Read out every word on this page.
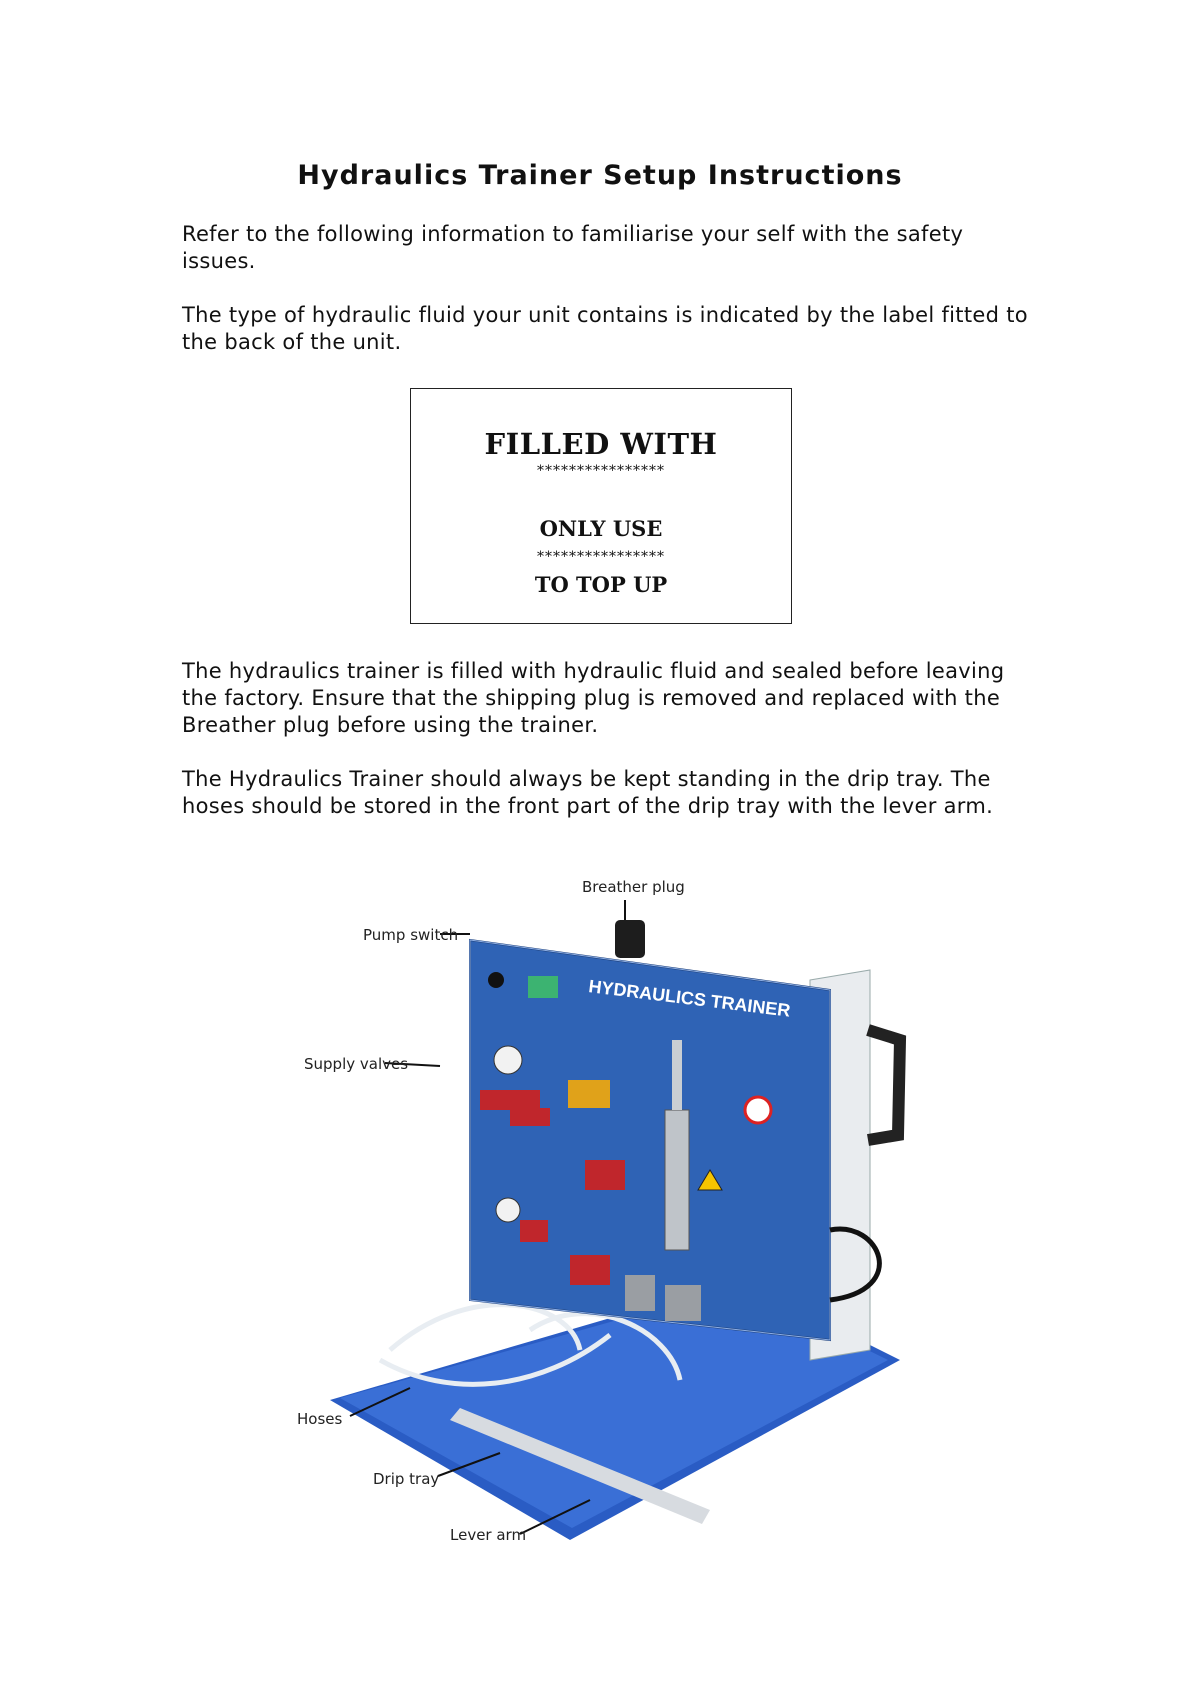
Hydraulics Trainer Setup Instructions

Refer to the following information to familiarise your self with the safety issues.

The type of hydraulic fluid your unit contains is indicated by the label fitted to the back of the unit.

FILLED WITH

****************

ONLY USE

****************

TO TOP UP

The hydraulics trainer is filled with hydraulic fluid and sealed before leaving the factory. Ensure that the shipping plug is removed and replaced with the Breather plug before using the trainer.

The Hydraulics Trainer should always be kept standing in the drip tray. The hoses should be stored in the front part of the drip tray with the lever arm.

HYDRAULICS TRAINER
Breather plug
Pump switch
Supply valves
Hoses
Drip tray
Lever arm
